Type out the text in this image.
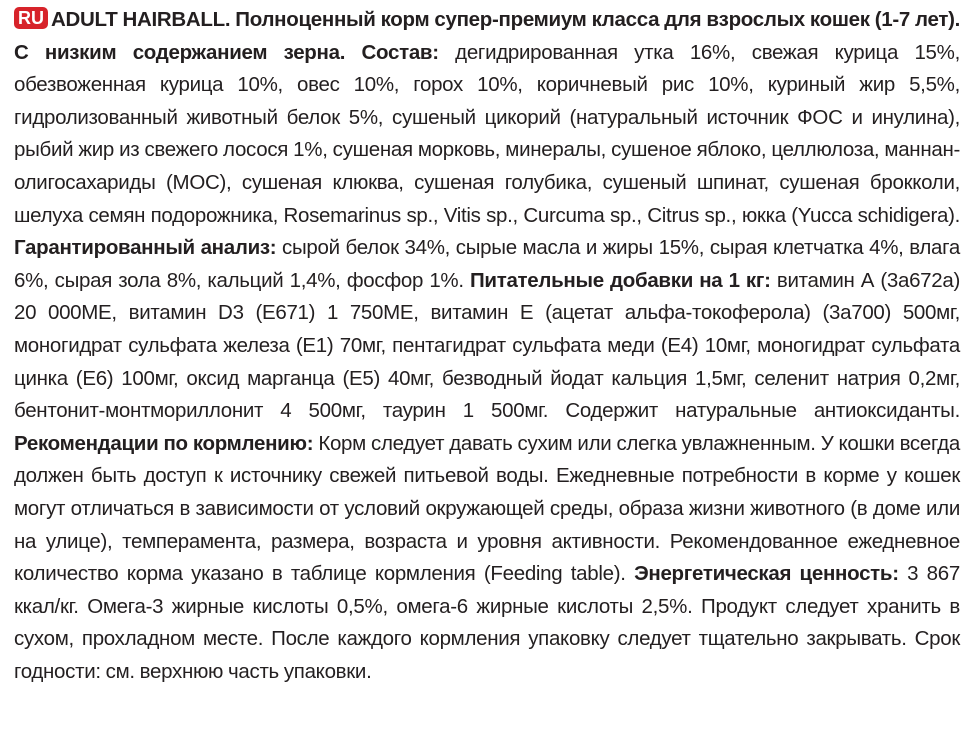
RU ADULT HAIRBALL. Полноценный корм супер-премиум класса для взрослых кошек (1-7 лет). С низким содержанием зерна. Состав: дегидрированная утка 16%, свежая курица 15%, обезвоженная курица 10%, овес 10%, горох 10%, коричневый рис 10%, куриный жир 5,5%, гидролизованный животный белок 5%, сушеный цикорий (натуральный источник ФОС и инулина), рыбий жир из свежего лосося 1%, сушеная морковь, минералы, сушеное яблоко, целлюлоза, маннан-олигосахариды (МОС), сушеная клюква, сушеная голубика, сушеный шпинат, сушеная брокколи, шелуха семян подорожника, Rosemarinus sp., Vitis sp., Curcuma sp., Citrus sp., юкка (Yucca schidigera). Гарантированный анализ: сырой белок 34%, сырые масла и жиры 15%, сырая клетчатка 4%, влага 6%, сырая зола 8%, кальций 1,4%, фосфор 1%. Питательные добавки на 1 кг: витамин А (3а672а) 20 000МЕ, витамин D3 (Е671) 1 750МЕ, витамин Е (ацетат альфа-токоферола) (3а700) 500мг, моногидрат сульфата железа (Е1) 70мг, пентагидрат сульфата меди (Е4) 10мг, моногидрат сульфата цинка (Е6) 100мг, оксид марганца (Е5) 40мг, безводный йодат кальция 1,5мг, селенит натрия 0,2мг, бентонит-монтмориллонит 4 500мг, таурин 1 500мг. Содержит натуральные антиоксиданты. Рекомендации по кормлению: Корм следует давать сухим или слегка увлажненным. У кошки всегда должен быть доступ к источнику свежей питьевой воды. Ежедневные потребности в корме у кошек могут отличаться в зависимости от условий окружающей среды, образа жизни животного (в доме или на улице), темперамента, размера, возраста и уровня активности. Рекомендованное ежедневное количество корма указано в таблице кормления (Feeding table). Энергетическая ценность: 3 867 ккал/кг. Омега-3 жирные кислоты 0,5%, омега-6 жирные кислоты 2,5%. Продукт следует хранить в сухом, прохладном месте. После каждого кормления упаковку следует тщательно закрывать. Срок годности: см. верхнюю часть упаковки.
